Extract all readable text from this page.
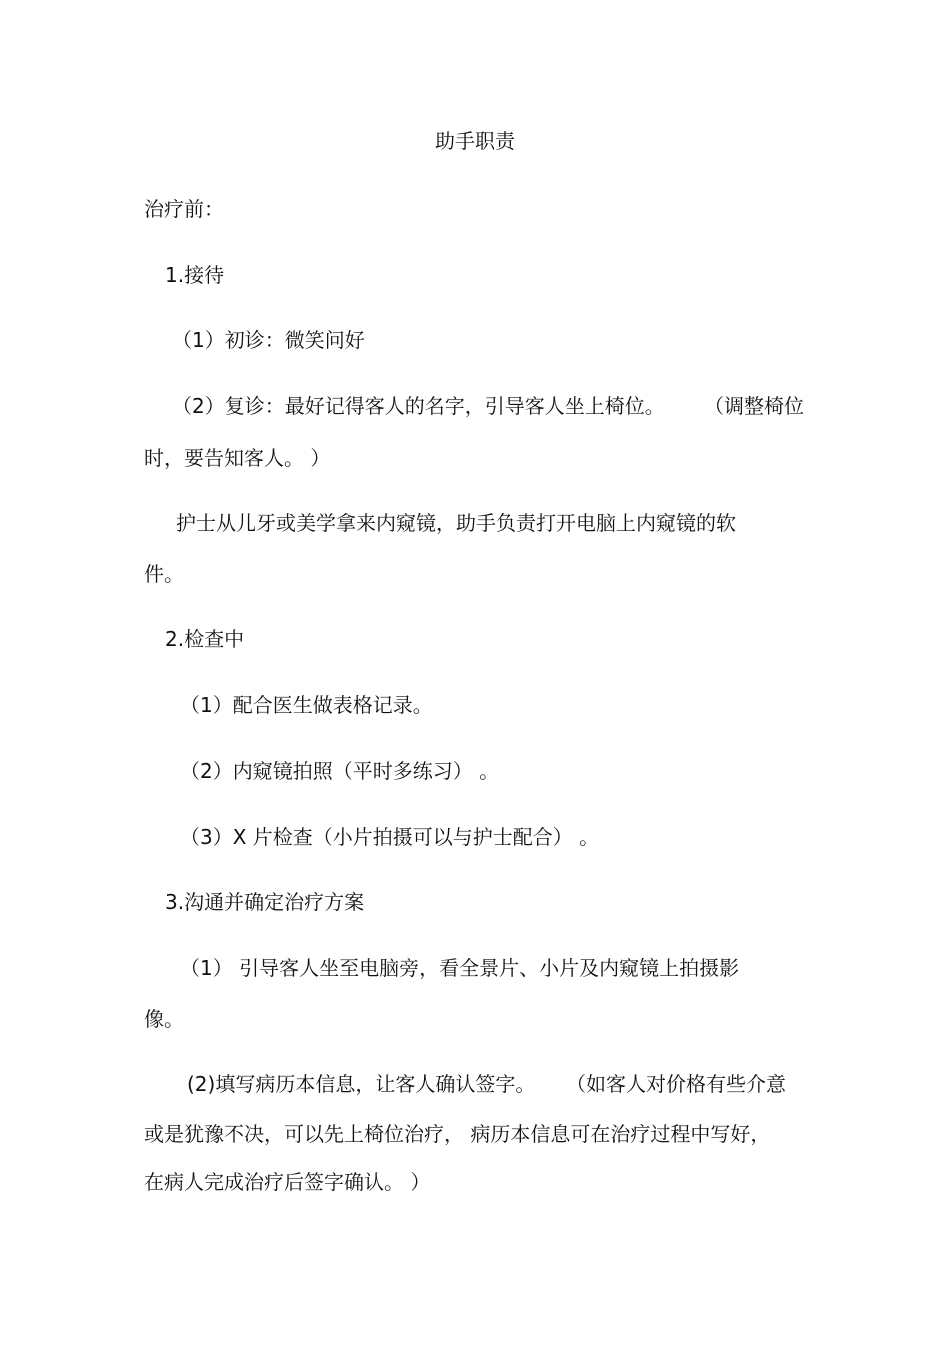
助手职责
治疗前：
1.接待
（1）初诊：微笑问好
（2）复诊：最好记得客人的名字，引导客人坐上椅位。 （调整椅位
时，要告知客人。 ）
护士从儿牙或美学拿来内窥镜，助手负责打开电脑上内窥镜的软
件。
2.检查中
（1）配合医生做表格记录。
（2）内窥镜拍照（平时多练习） 。
（3）X 片检查（小片拍摄可以与护士配合） 。
3.沟通并确定治疗方案
（1） 引导客人坐至电脑旁，看全景片、小片及内窥镜上拍摄影
像。
(2)填写病历本信息，让客人确认签字。 （如客人对价格有些介意
或是犹豫不决，可以先上椅位治疗， 病历本信息可在治疗过程中写好，
在病人完成治疗后签字确认。 ）
